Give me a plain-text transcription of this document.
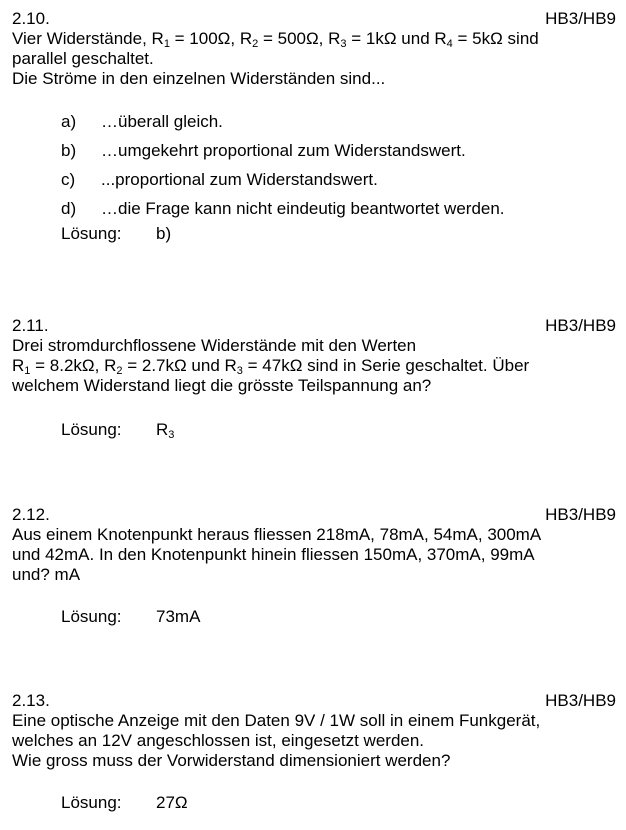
2.10.	HB3/HB9

Vier Widerstände, $R_1 = 100\Omega$, $R_2 = 500\Omega$, $R_3 = 1k\Omega$ und $R_4 = 5k\Omega$ sind
parallel geschaltet.
Die Ströme in den einzelnen Widerständen sind...

a)	…überall gleich.
b)	…umgekehrt proportional zum Widerstandswert.
c)	...proportional zum Widerstandswert.
d)	…die Frage kann nicht eindeutig beantwortet werden.
Lösung:	b)
2.11.	HB3/HB9

Drei stromdurchflossene Widerstände mit den Werten
$R_1 = 8.2k\Omega$, $R_2 = 2.7k\Omega$ und $R_3 = 47k\Omega$ sind in Serie geschaltet. Über
welchem Widerstand liegt die grösste Teilspannung an?

Lösung:	$R_3$
2.12.	HB3/HB9

Aus einem Knotenpunkt heraus fliessen 218mA, 78mA, 54mA, 300mA
und 42mA. In den Knotenpunkt hinein fliessen 150mA, 370mA, 99mA
und? mA

Lösung:	73mA
2.13.	HB3/HB9

Eine optische Anzeige mit den Daten 9V / 1W soll in einem Funkgerät,
welches an 12V angeschlossen ist, eingesetzt werden.
Wie gross muss der Vorwiderstand dimensioniert werden?

Lösung:	27Ω
